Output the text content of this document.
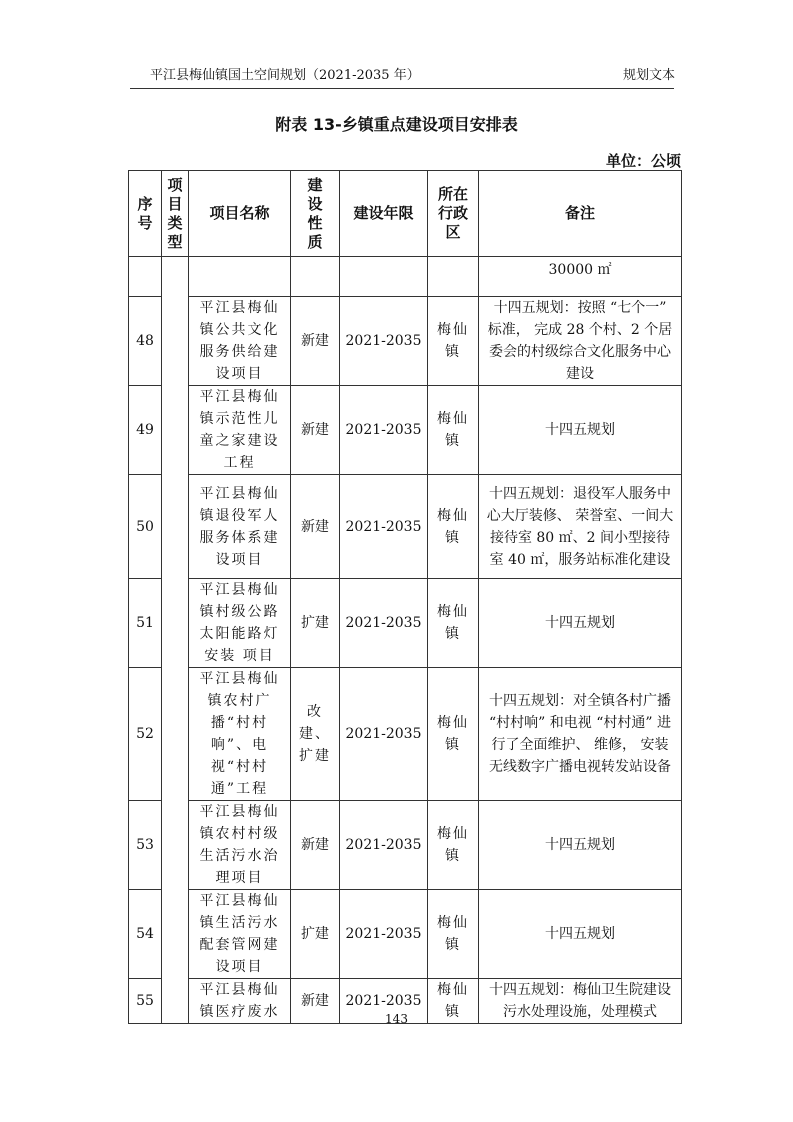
平江县梅仙镇国土空间规划（2021-2035 年）	规划文本
附表 13-乡镇重点建设项目安排表
单位：公顷
序号	项目类型	项目名称	建设性质	建设年限	所在行政区	备注
						30000 ㎡
48		平江县梅仙镇公共文化服务供给建设项目	新建	2021-2035	梅仙镇	十四五规划：按照 “七个一” 标准， 完成 28 个村、2 个居委会的村级综合文化服务中心建设
49		平江县梅仙镇示范性儿童之家建设工程	新建	2021-2035	梅仙镇	十四五规划
50		平江县梅仙镇退役军人服务体系建设项目	新建	2021-2035	梅仙镇	十四五规划：退役军人服务中心大厅装修、 荣誉室、一间大接待室 80 ㎡、2 间小型接待室 40 ㎡，服务站标准化建设
51		平江县梅仙镇村级公路太阳能路灯安装 项目	扩建	2021-2035	梅仙镇	十四五规划
52		平江县梅仙镇农村广播“村村响”、电视“村村通”工程	改建、扩建	2021-2035	梅仙镇	十四五规划：对全镇各村广播 “村村响” 和电视 “村村通” 进行了全面维护、 维修， 安装无线数字广播电视转发站设备
53		平江县梅仙镇农村村级生活污水治理项目	新建	2021-2035	梅仙镇	十四五规划
54		平江县梅仙镇生活污水配套管网建设项目	扩建	2021-2035	梅仙镇	十四五规划
55		平江县梅仙镇医疗废水	新建	2021-2035	梅仙镇	十四五规划：梅仙卫生院建设污水处理设施，处理模式
143
